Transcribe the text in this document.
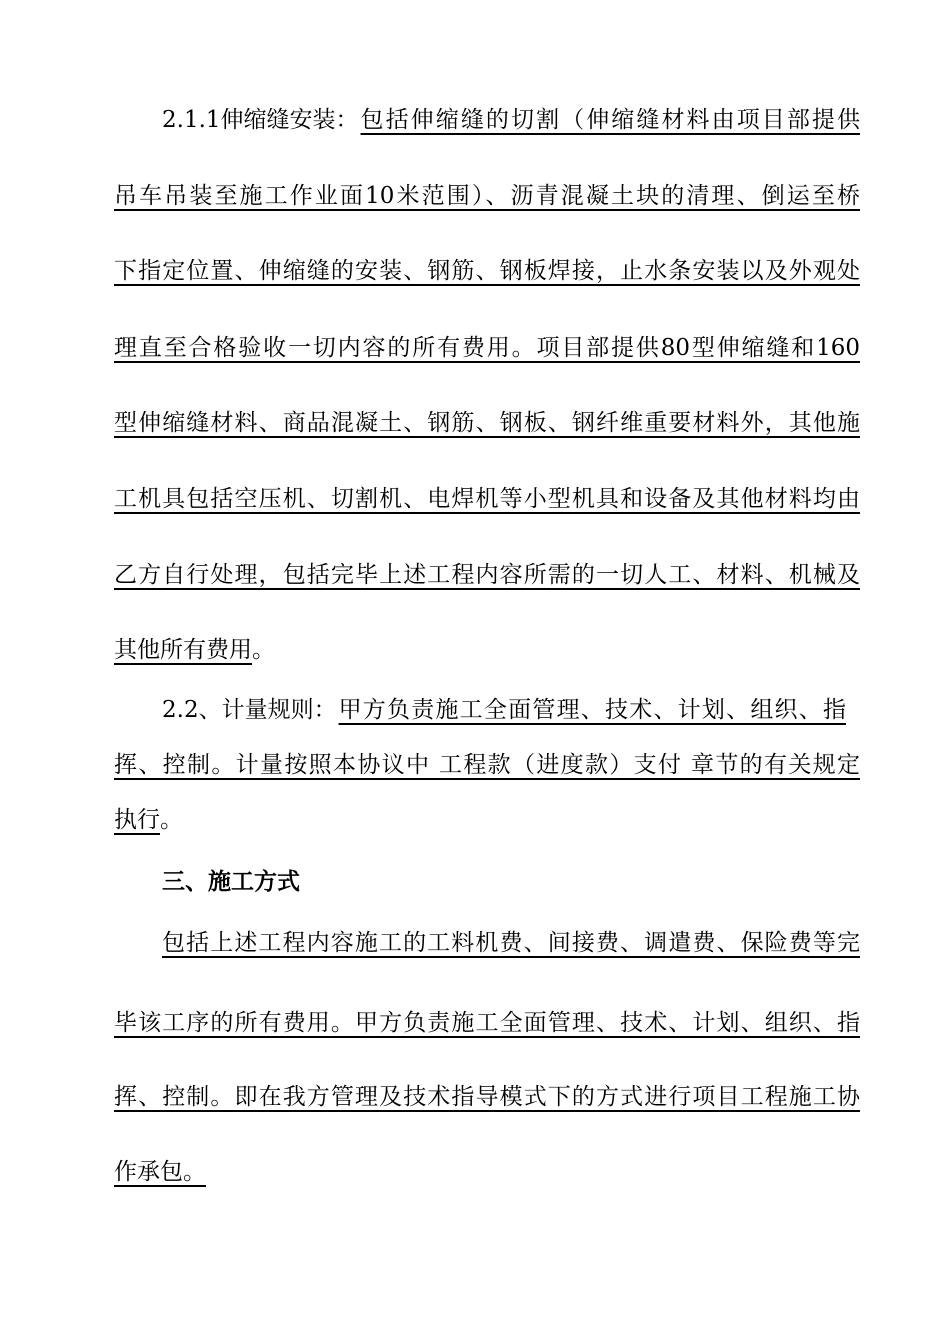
2.1.1伸缩缝安装： 包括伸缩缝的切割（伸缩缝材料由项目部提供
吊车吊装至施工作业面10米范围）、沥青混凝土块的清理、倒运至桥
下指定位置、伸缩缝的安装、钢筋、钢板焊接，止水条安装以及外观处
理直至合格验收一切内容的所有费用。项目部提供80型伸缩缝和160
型伸缩缝材料、商品混凝土、钢筋、钢板、钢纤维重要材料外，其他施
工机具包括空压机、切割机、电焊机等小型机具和设备及其他材料均由
乙方自行处理，包括完毕上述工程内容所需的一切人工、材料、机械及
其他所有费用。
2.2、计量规则： 甲方负责施工全面管理、技术、计划、组织、指
挥、控制。计量按照本协议中 工程款（进度款）支付 章节的有关规定
执行。
三、施工方式
包括上述工程内容施工的工料机费、间接费、调遣费、保险费等完
毕该工序的所有费用。甲方负责施工全面管理、技术、计划、组织、指
挥、控制。即在我方管理及技术指导模式下的方式进行项目工程施工协
作承包。
